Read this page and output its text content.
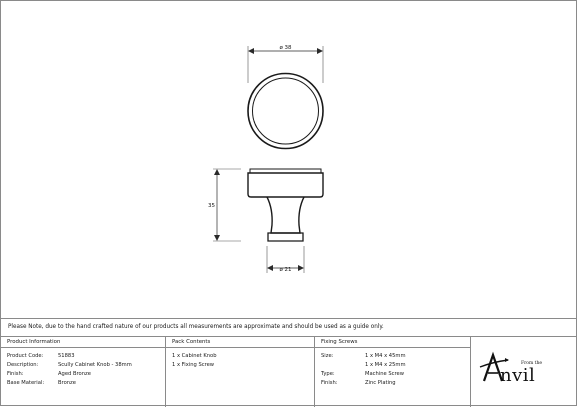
ø 38
35
ø 21
Please Note, due to the hand crafted nature of our products all measurements are approximate and should be used as a guide only.
Product Information
Product Code:	51883
Description:	Scully Cabinet Knob - 38mm
Finish:	Aged Bronze
Base Material:	Bronze
Pack Contents
1 x Cabinet Knob
1 x Fixing Screw
Fixing Screws
Size:	1 x M4 x 45mm
1 x M4 x 25mm
Type:	Machine Screw
Finish:	Zinc Plating
From the
nvil
